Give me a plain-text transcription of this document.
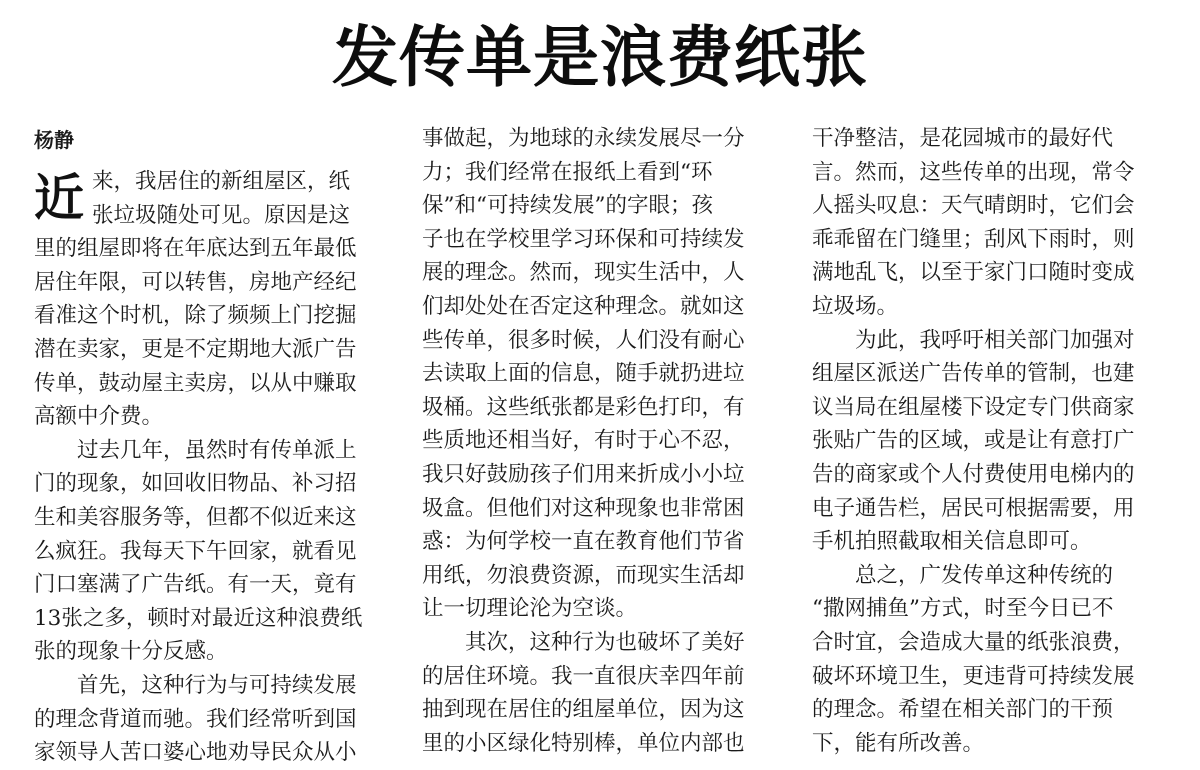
发传单是浪费纸张
杨静
近 来，我居住的新组屋区，纸
张垃圾随处可见。原因是这
里的组屋即将在年底达到五年最低
居住年限，可以转售，房地产经纪
看准这个时机，除了频频上门挖掘
潜在卖家，更是不定期地大派广告
传单，鼓动屋主卖房，以从中赚取
高额中介费。
　　过去几年，虽然时有传单派上
门的现象，如回收旧物品、补习招
生和美容服务等，但都不似近来这
么疯狂。我每天下午回家，就看见
门口塞满了广告纸。有一天，竟有
13张之多，顿时对最近这种浪费纸
张的现象十分反感。
　　首先，这种行为与可持续发展
的理念背道而驰。我们经常听到国
家领导人苦口婆心地劝导民众从小
事做起，为地球的永续发展尽一分
力；我们经常在报纸上看到“环
保”和“可持续发展”的字眼；孩
子也在学校里学习环保和可持续发
展的理念。然而，现实生活中，人
们却处处在否定这种理念。就如这
些传单，很多时候，人们没有耐心
去读取上面的信息，随手就扔进垃
圾桶。这些纸张都是彩色打印，有
些质地还相当好，有时于心不忍，
我只好鼓励孩子们用来折成小小垃
圾盒。但他们对这种现象也非常困
惑：为何学校一直在教育他们节省
用纸，勿浪费资源，而现实生活却
让一切理论沦为空谈。
　　其次，这种行为也破坏了美好
的居住环境。我一直很庆幸四年前
抽到现在居住的组屋单位，因为这
里的小区绿化特别棒，单位内部也
干净整洁，是花园城市的最好代
言。然而，这些传单的出现，常令
人摇头叹息：天气晴朗时，它们会
乖乖留在门缝里；刮风下雨时，则
满地乱飞，以至于家门口随时变成
垃圾场。
　　为此，我呼吁相关部门加强对
组屋区派送广告传单的管制，也建
议当局在组屋楼下设定专门供商家
张贴广告的区域，或是让有意打广
告的商家或个人付费使用电梯内的
电子通告栏，居民可根据需要，用
手机拍照截取相关信息即可。
　　总之，广发传单这种传统的
“撒网捕鱼”方式，时至今日已不
合时宜，会造成大量的纸张浪费，
破坏环境卫生，更违背可持续发展
的理念。希望在相关部门的干预
下，能有所改善。
